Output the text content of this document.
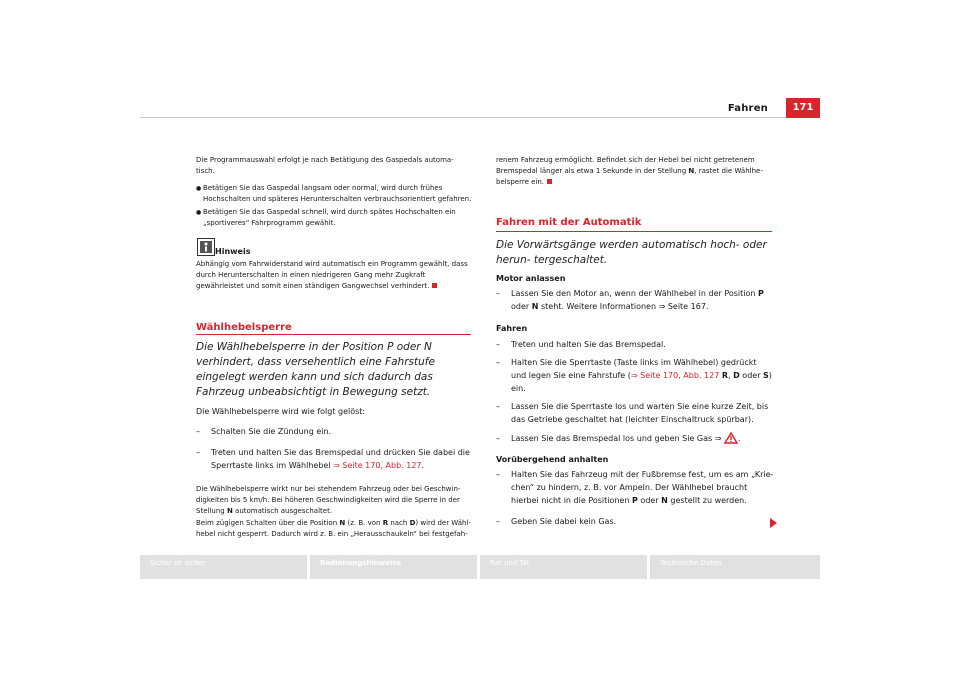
Fahren	171
Die Programmauswahl erfolgt je nach Betätigung des Gaspedals automa- tisch.
● Betätigen Sie das Gaspedal langsam oder normal, wird durch frühes Hochschalten und späteres Herunterschalten verbrauchsorientiert gefahren.
● Betätigen Sie das Gaspedal schnell, wird durch spätes Hochschalten ein „sportiveres“ Fahrprogramm gewählt.
Hinweis
Abhängig vom Fahrwiderstand wird automatisch ein Programm gewählt, dass durch Herunterschalten in einen niedrigeren Gang mehr Zugkraft gewährleistet und somit einen ständigen Gangwechsel verhindert.
Wählhebelsperre
Die Wählhebelsperre in der Position P oder N verhindert, dass versehentlich eine Fahrstufe eingelegt werden kann und sich dadurch das Fahrzeug unbeabsichtigt in Bewegung setzt.
Die Wählhebelsperre wird wie folgt gelöst:
–	Schalten Sie die Zündung ein.
–	Treten und halten Sie das Bremspedal und drücken Sie dabei die Sperrtaste links im Wählhebel ⇒ Seite 170, Abb. 127.
Die Wählhebelsperre wirkt nur bei stehendem Fahrzeug oder bei Geschwin- digkeiten bis 5 km/h. Bei höheren Geschwindigkeiten wird die Sperre in der Stellung N automatisch ausgeschaltet.
Beim zügigen Schalten über die Position N (z. B. von R nach D) wird der Wähl- hebel nicht gesperrt. Dadurch wird z. B. ein „Herausschaukeln“ bei festgefah-
renem Fahrzeug ermöglicht. Befindet sich der Hebel bei nicht getretenem Bremspedal länger als etwa 1 Sekunde in der Stellung N, rastet die Wählhe- belsperre ein.
Fahren mit der Automatik
Die Vorwärtsgänge werden automatisch hoch- oder herun- tergeschaltet.
Motor anlassen
–	Lassen Sie den Motor an, wenn der Wählhebel in der Position P oder N steht. Weitere Informationen ⇒ Seite 167.
Fahren
–	Treten und halten Sie das Bremspedal.
–	Halten Sie die Sperrtaste (Taste links im Wählhebel) gedrückt und legen Sie eine Fahrstufe (⇒ Seite 170, Abb. 127 R, D oder S) ein.
–	Lassen Sie die Sperrtaste los und warten Sie eine kurze Zeit, bis das Getriebe geschaltet hat (leichter Einschaltruck spürbar).
–	Lassen Sie das Bremspedal los und geben Sie Gas ⇒ .
Vorübergehend anhalten
–	Halten Sie das Fahrzeug mit der Fußbremse fest, um es am „Krie- chen“ zu hindern, z. B. vor Ampeln. Der Wählhebel braucht hierbei nicht in die Positionen P oder N gestellt zu werden.
–	Geben Sie dabei kein Gas.
Sicher ist sicher	Bedienungshinweise	Rat und Tat	Technische Daten
